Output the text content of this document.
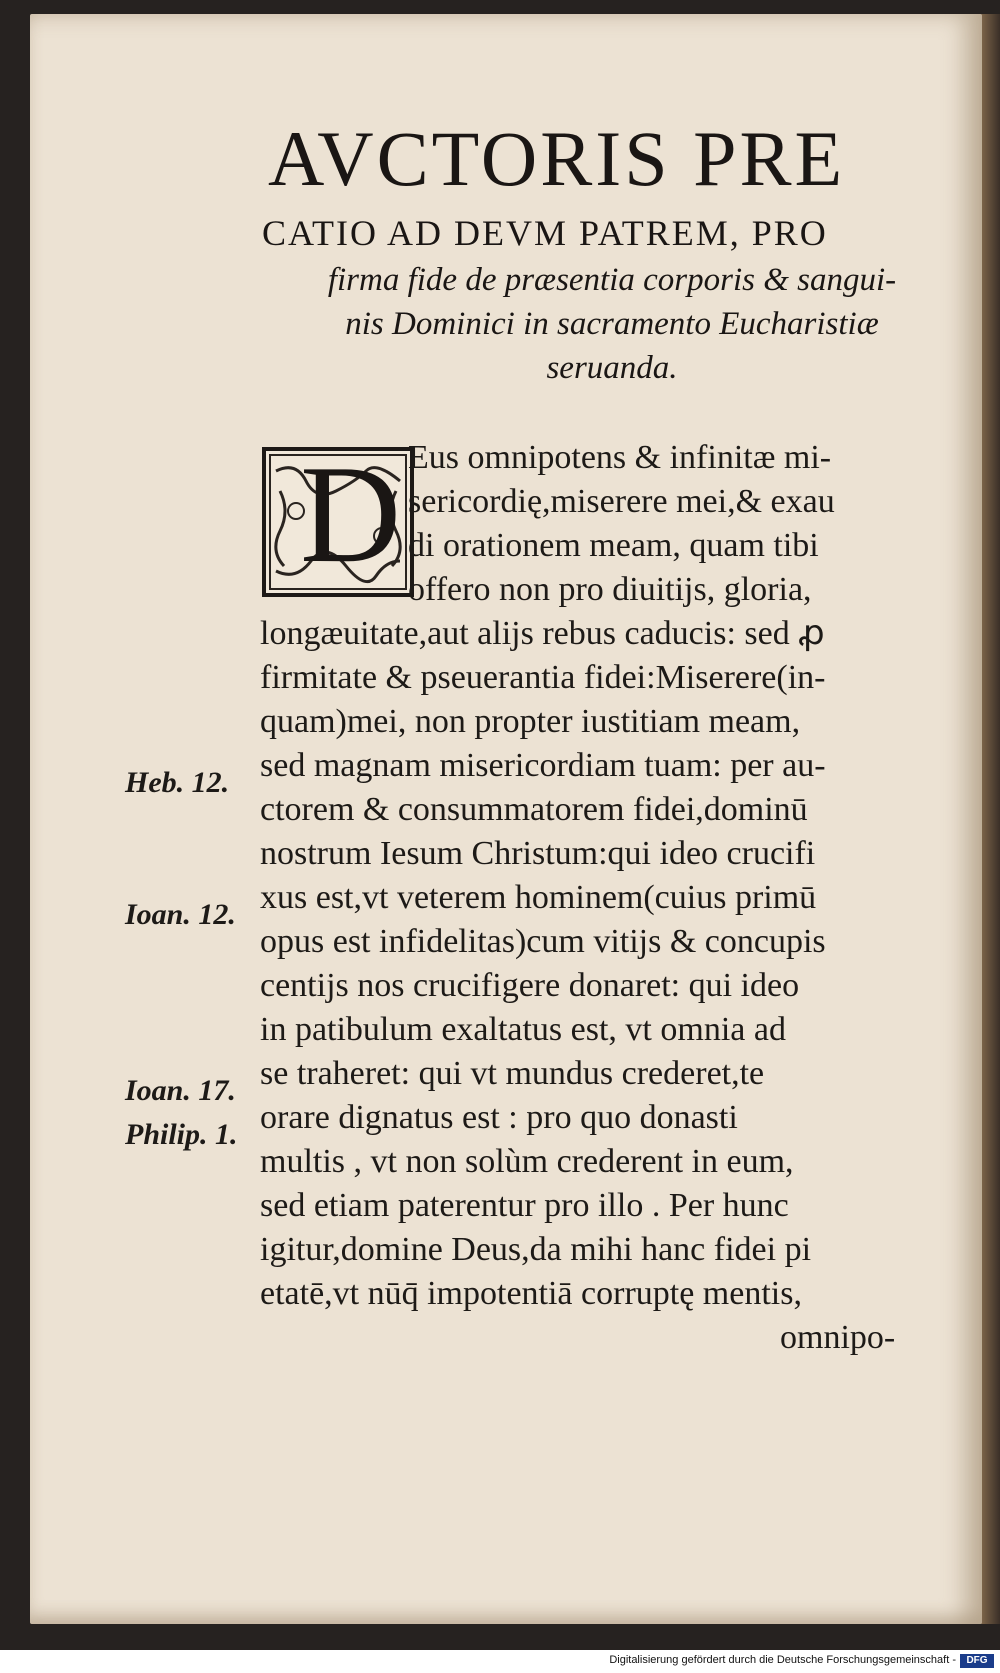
AVCTORIS PRE
CATIO AD DEVM PATREM, PRO
firma fide de præsentia corporis & sangui-
nis Dominici in sacramento Eucharistiæ
seruanda.
D Eus omnipotens & infinitæ mi-
sericordię,miserere mei,& exau
di orationem meam, quam tibi
offero non pro diuitijs, gloria,
longæuitate,aut alijs rebus caducis: sed ꝓ
firmitate & pseuerantia fidei:Miserere(in-
quam)mei, non propter iustitiam meam,
sed magnam misericordiam tuam: per au-
ctorem & consummatorem fidei,dominū
nostrum Iesum Christum:qui ideo crucifi
xus est,vt veterem hominem(cuius primū
opus est infidelitas)cum vitijs & concupis
centijs nos crucifigere donaret: qui ideo
in patibulum exaltatus est, vt omnia ad
se traheret: qui vt mundus crederet,te
orare dignatus est : pro quo donasti
multis , vt non solùm crederent in eum,
sed etiam paterentur pro illo . Per hunc
igitur,domine Deus,da mihi hanc fidei pi
etatē,vt nūq̄ impotentiā corruptę mentis,
omnipo-
Heb. 12.
Ioan. 12.
Ioan. 17.
Philip. 1.
Digitalisierung gefördert durch die Deutsche Forschungsgemeinschaft -	DFG
